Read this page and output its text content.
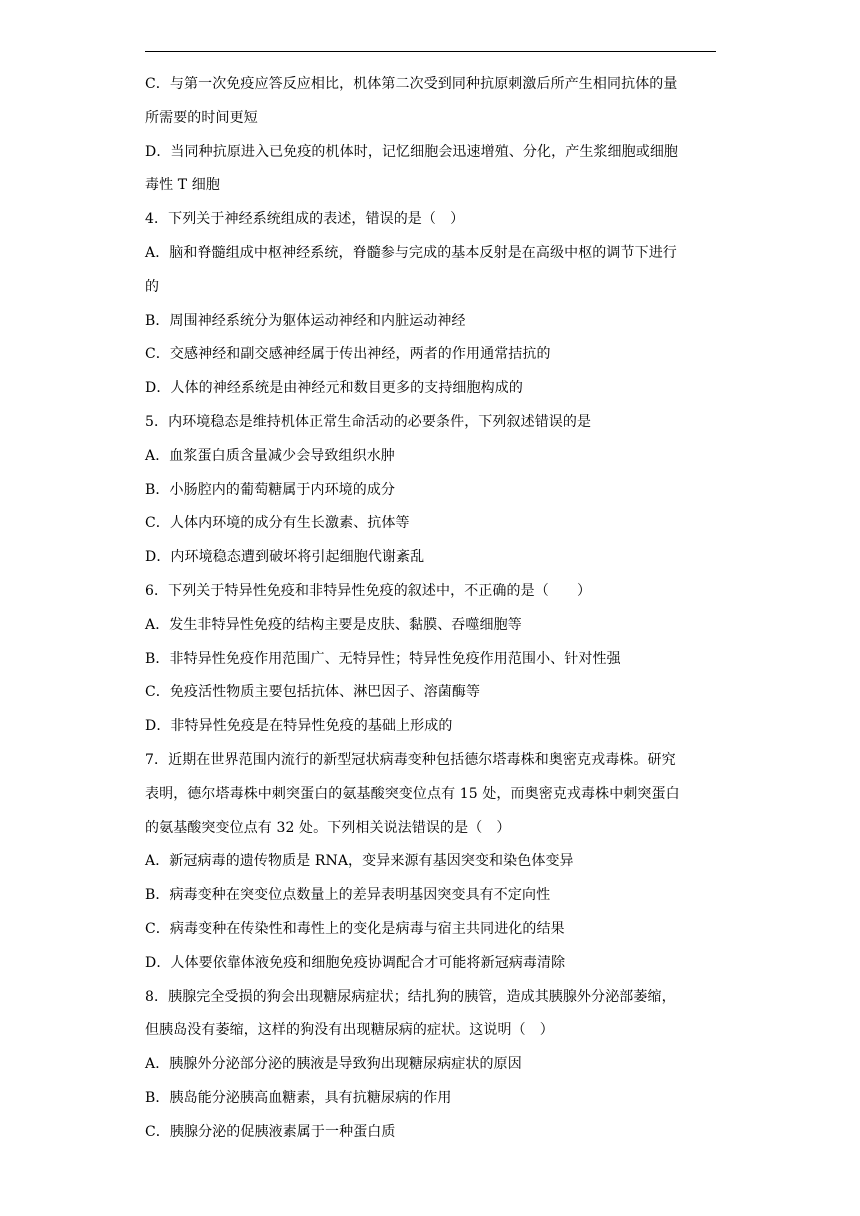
C．与第一次免疫应答反应相比，机体第二次受到同种抗原刺激后所产生相同抗体的量
所需要的时间更短
D．当同种抗原进入已免疫的机体时，记忆细胞会迅速增殖、分化，产生浆细胞或细胞
毒性 T 细胞
4．下列关于神经系统组成的表述，错误的是（　）
A．脑和脊髓组成中枢神经系统，脊髓参与完成的基本反射是在高级中枢的调节下进行
的
B．周围神经系统分为躯体运动神经和内脏运动神经
C．交感神经和副交感神经属于传出神经，两者的作用通常拮抗的
D．人体的神经系统是由神经元和数目更多的支持细胞构成的
5．内环境稳态是维持机体正常生命活动的必要条件，下列叙述错误的是
A．血浆蛋白质含量减少会导致组织水肿
B．小肠腔内的葡萄糖属于内环境的成分
C．人体内环境的成分有生长激素、抗体等
D．内环境稳态遭到破坏将引起细胞代谢紊乱
6．下列关于特异性免疫和非特异性免疫的叙述中，不正确的是（　　）
A．发生非特异性免疫的结构主要是皮肤、黏膜、吞噬细胞等
B．非特异性免疫作用范围广、无特异性；特异性免疫作用范围小、针对性强
C．免疫活性物质主要包括抗体、淋巴因子、溶菌酶等
D．非特异性免疫是在特异性免疫的基础上形成的
7．近期在世界范围内流行的新型冠状病毒变种包括德尔塔毒株和奥密克戎毒株。研究
表明，德尔塔毒株中刺突蛋白的氨基酸突变位点有 15 处，而奥密克戎毒株中刺突蛋白
的氨基酸突变位点有 32 处。下列相关说法错误的是（　）
A．新冠病毒的遗传物质是 RNA，变异来源有基因突变和染色体变异
B．病毒变种在突变位点数量上的差异表明基因突变具有不定向性
C．病毒变种在传染性和毒性上的变化是病毒与宿主共同进化的结果
D．人体要依靠体液免疫和细胞免疫协调配合才可能将新冠病毒清除
8．胰腺完全受损的狗会出现糖尿病症状；结扎狗的胰管，造成其胰腺外分泌部萎缩，
但胰岛没有萎缩，这样的狗没有出现糖尿病的症状。这说明（　）
A．胰腺外分泌部分泌的胰液是导致狗出现糖尿病症状的原因
B．胰岛能分泌胰高血糖素，具有抗糖尿病的作用
C．胰腺分泌的促胰液素属于一种蛋白质
